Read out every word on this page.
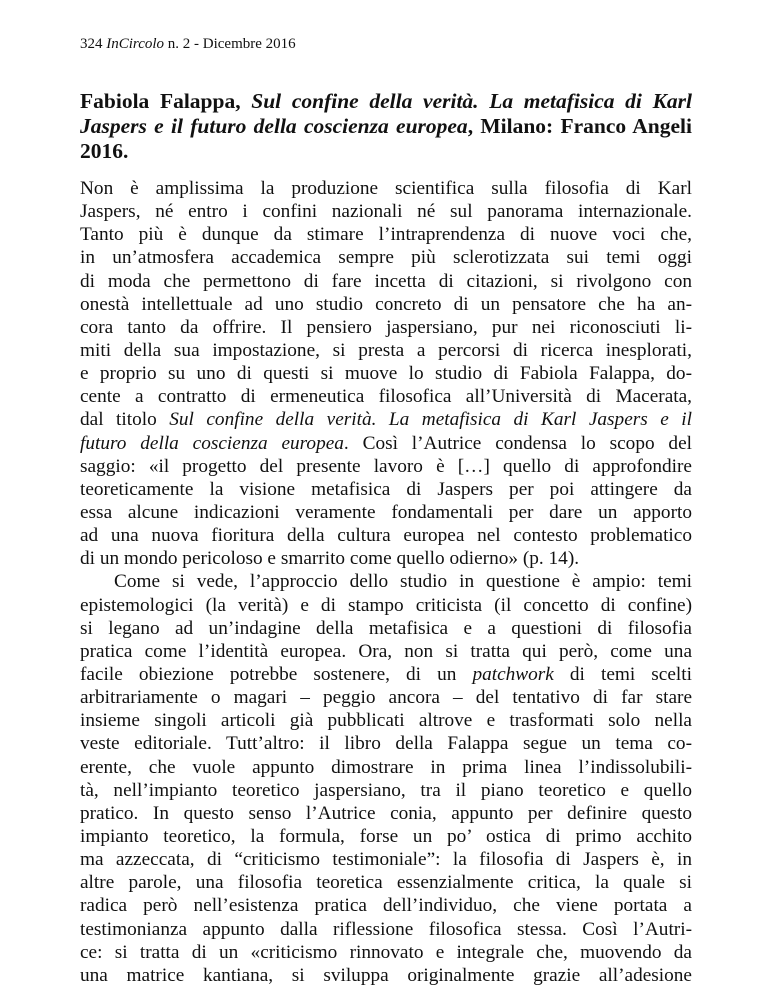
324 InCircolo n. 2 - Dicembre 2016
Fabiola Falappa, Sul confine della verità. La metafisica di Karl Jaspers e il futuro della coscienza europea, Milano: Franco Angeli 2016.
Non è amplissima la produzione scientifica sulla filosofia di Karl
Jaspers, né entro i confini nazionali né sul panorama internazionale.
Tanto più è dunque da stimare l’intraprendenza di nuove voci che,
in un’atmosfera accademica sempre più sclerotizzata sui temi oggi
di moda che permettono di fare incetta di citazioni, si rivolgono con
onestà intellettuale ad uno studio concreto di un pensatore che ha an-
cora tanto da offrire. Il pensiero jaspersiano, pur nei riconosciuti li-
miti della sua impostazione, si presta a percorsi di ricerca inesplorati,
e proprio su uno di questi si muove lo studio di Fabiola Falappa, do-
cente a contratto di ermeneutica filosofica all’Università di Macerata,
dal titolo Sul confine della verità. La metafisica di Karl Jaspers e il
futuro della coscienza europea. Così l’Autrice condensa lo scopo del
saggio: «il progetto del presente lavoro è […] quello di approfondire
teoreticamente la visione metafisica di Jaspers per poi attingere da
essa alcune indicazioni veramente fondamentali per dare un apporto
ad una nuova fioritura della cultura europea nel contesto problematico
di un mondo pericoloso e smarrito come quello odierno» (p. 14).
Come si vede, l’approccio dello studio in questione è ampio: temi
epistemologici (la verità) e di stampo criticista (il concetto di confine)
si legano ad un’indagine della metafisica e a questioni di filosofia
pratica come l’identità europea. Ora, non si tratta qui però, come una
facile obiezione potrebbe sostenere, di un patchwork di temi scelti
arbitrariamente o magari – peggio ancora – del tentativo di far stare
insieme singoli articoli già pubblicati altrove e trasformati solo nella
veste editoriale. Tutt’altro: il libro della Falappa segue un tema co-
erente, che vuole appunto dimostrare in prima linea l’indissolubili-
tà, nell’impianto teoretico jaspersiano, tra il piano teoretico e quello
pratico. In questo senso l’Autrice conia, appunto per definire questo
impianto teoretico, la formula, forse un po’ ostica di primo acchito
ma azzeccata, di “criticismo testimoniale”: la filosofia di Jaspers è, in
altre parole, una filosofia teoretica essenzialmente critica, la quale si
radica però nell’esistenza pratica dell’individuo, che viene portata a
testimonianza appunto dalla riflessione filosofica stessa. Così l’Autri-
ce: si tratta di un «criticismo rinnovato e integrale che, muovendo da
una matrice kantiana, si sviluppa originalmente grazie all’adesione
